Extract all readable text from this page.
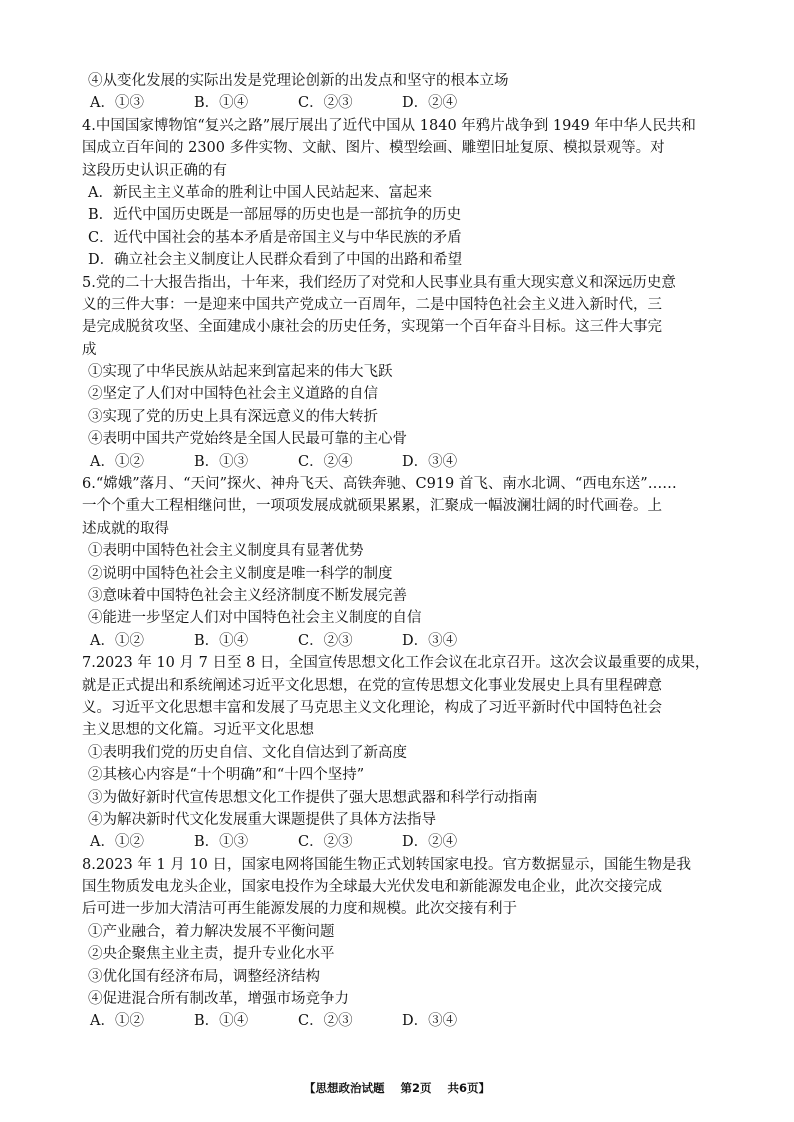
④从变化发展的实际出发是党理论创新的出发点和坚守的根本立场
A．①③	B．①④	C．②③	D．②④
4.中国国家博物馆“复兴之路”展厅展出了近代中国从 1840 年鸦片战争到 1949 年中华人民共和
国成立百年间的 2300 多件实物、文献、图片、模型绘画、雕塑旧址复原、模拟景观等。对
这段历史认识正确的有
A．新民主主义革命的胜利让中国人民站起来、富起来
B．近代中国历史既是一部屈辱的历史也是一部抗争的历史
C．近代中国社会的基本矛盾是帝国主义与中华民族的矛盾
D．确立社会主义制度让人民群众看到了中国的出路和希望
5.党的二十大报告指出，十年来，我们经历了对党和人民事业具有重大现实意义和深远历史意
义的三件大事：一是迎来中国共产党成立一百周年，二是中国特色社会主义进入新时代，三
是完成脱贫攻坚、全面建成小康社会的历史任务，实现第一个百年奋斗目标。这三件大事完
成
①实现了中华民族从站起来到富起来的伟大飞跃
②坚定了人们对中国特色社会主义道路的自信
③实现了党的历史上具有深远意义的伟大转折
④表明中国共产党始终是全国人民最可靠的主心骨
A．①②	B．①③	C．②④	D．③④
6.“嫦娥”落月、“天问”探火、神舟飞天、高铁奔驰、C919 首飞、南水北调、“西电东送”……
一个个重大工程相继问世，一项项发展成就硕果累累，汇聚成一幅波澜壮阔的时代画卷。上
述成就的取得
①表明中国特色社会主义制度具有显著优势
②说明中国特色社会主义制度是唯一科学的制度
③意味着中国特色社会主义经济制度不断发展完善
④能进一步坚定人们对中国特色社会主义制度的自信
A．①②	B．①④	C．②③	D．③④
7.2023 年 10 月 7 日至 8 日，全国宣传思想文化工作会议在北京召开。这次会议最重要的成果，
就是正式提出和系统阐述习近平文化思想，在党的宣传思想文化事业发展史上具有里程碑意
义。习近平文化思想丰富和发展了马克思主义文化理论，构成了习近平新时代中国特色社会
主义思想的文化篇。习近平文化思想
①表明我们党的历史自信、文化自信达到了新高度
②其核心内容是“十个明确”和“十四个坚持”
③为做好新时代宣传思想文化工作提供了强大思想武器和科学行动指南
④为解决新时代文化发展重大课题提供了具体方法指导
A．①②	B．①③	C．②③	D．②④
8.2023 年 1 月 10 日，国家电网将国能生物正式划转国家电投。官方数据显示，国能生物是我
国生物质发电龙头企业，国家电投作为全球最大光伏发电和新能源发电企业，此次交接完成
后可进一步加大清洁可再生能源发展的力度和规模。此次交接有利于
①产业融合，着力解决发展不平衡问题
②央企聚焦主业主责，提升专业化水平
③优化国有经济布局，调整经济结构
④促进混合所有制改革，增强市场竞争力
A．①②	B．①④	C．②③	D．③④
【思想政治试题 第2页 共6页】
